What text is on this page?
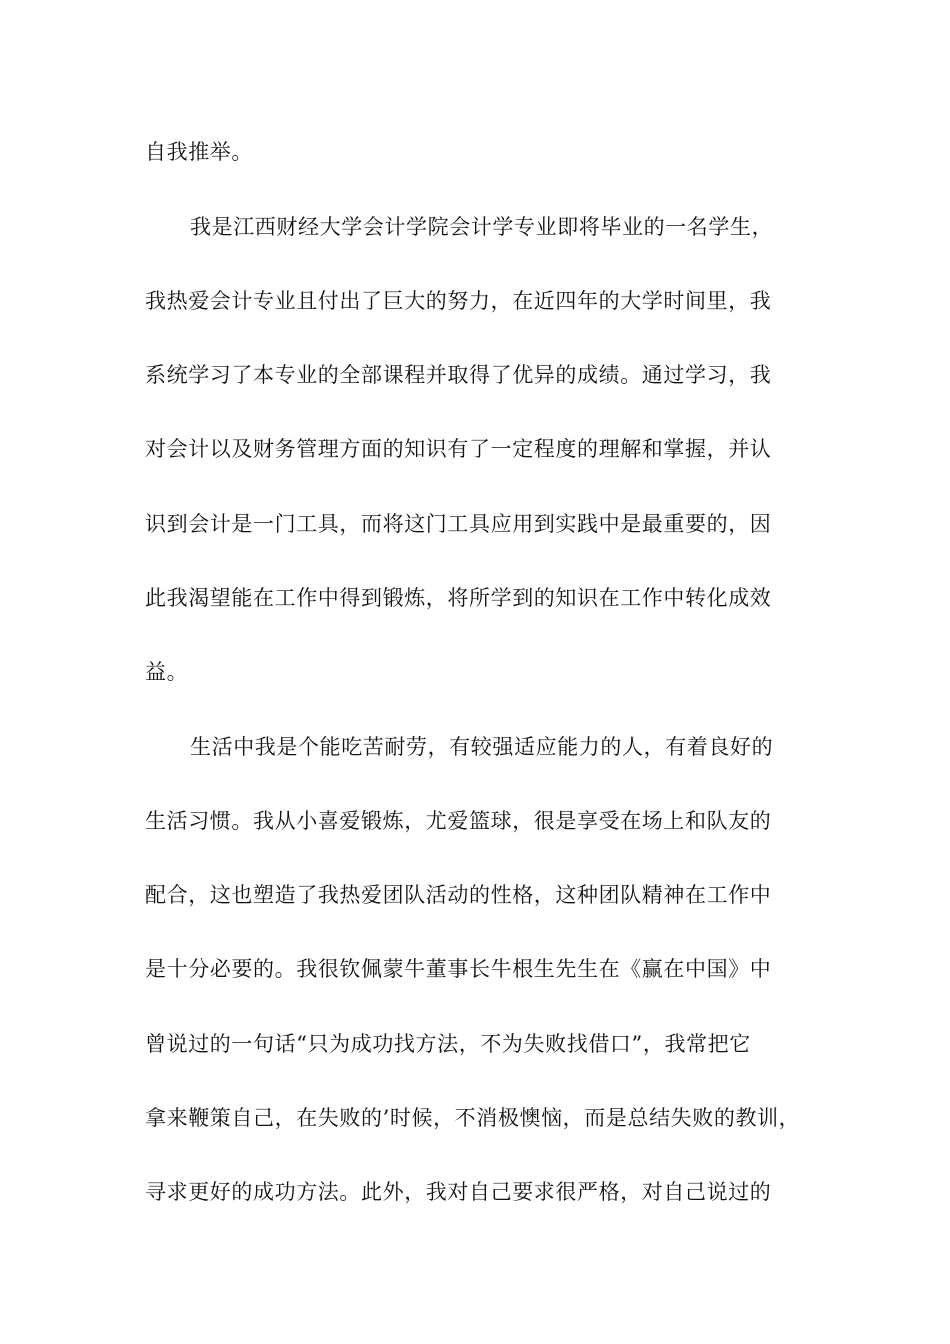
自我推举。
我是江西财经大学会计学院会计学专业即将毕业的一名学生，
我热爱会计专业且付出了巨大的努力，在近四年的大学时间里，我
系统学习了本专业的全部课程并取得了优异的成绩。通过学习，我
对会计以及财务管理方面的知识有了一定程度的理解和掌握，并认
识到会计是一门工具，而将这门工具应用到实践中是最重要的，因
此我渴望能在工作中得到锻炼，将所学到的知识在工作中转化成效
益。
生活中我是个能吃苦耐劳，有较强适应能力的人，有着良好的
生活习惯。我从小喜爱锻炼，尤爱篮球，很是享受在场上和队友的
配合，这也塑造了我热爱团队活动的性格，这种团队精神在工作中
是十分必要的。我很钦佩蒙牛董事长牛根生先生在《赢在中国》中
曾说过的一句话“只为成功找方法，不为失败找借口”，我常把它
拿来鞭策自己，在失败的’时候，不消极懊恼，而是总结失败的教训，
寻求更好的成功方法。此外，我对自己要求很严格，对自己说过的
